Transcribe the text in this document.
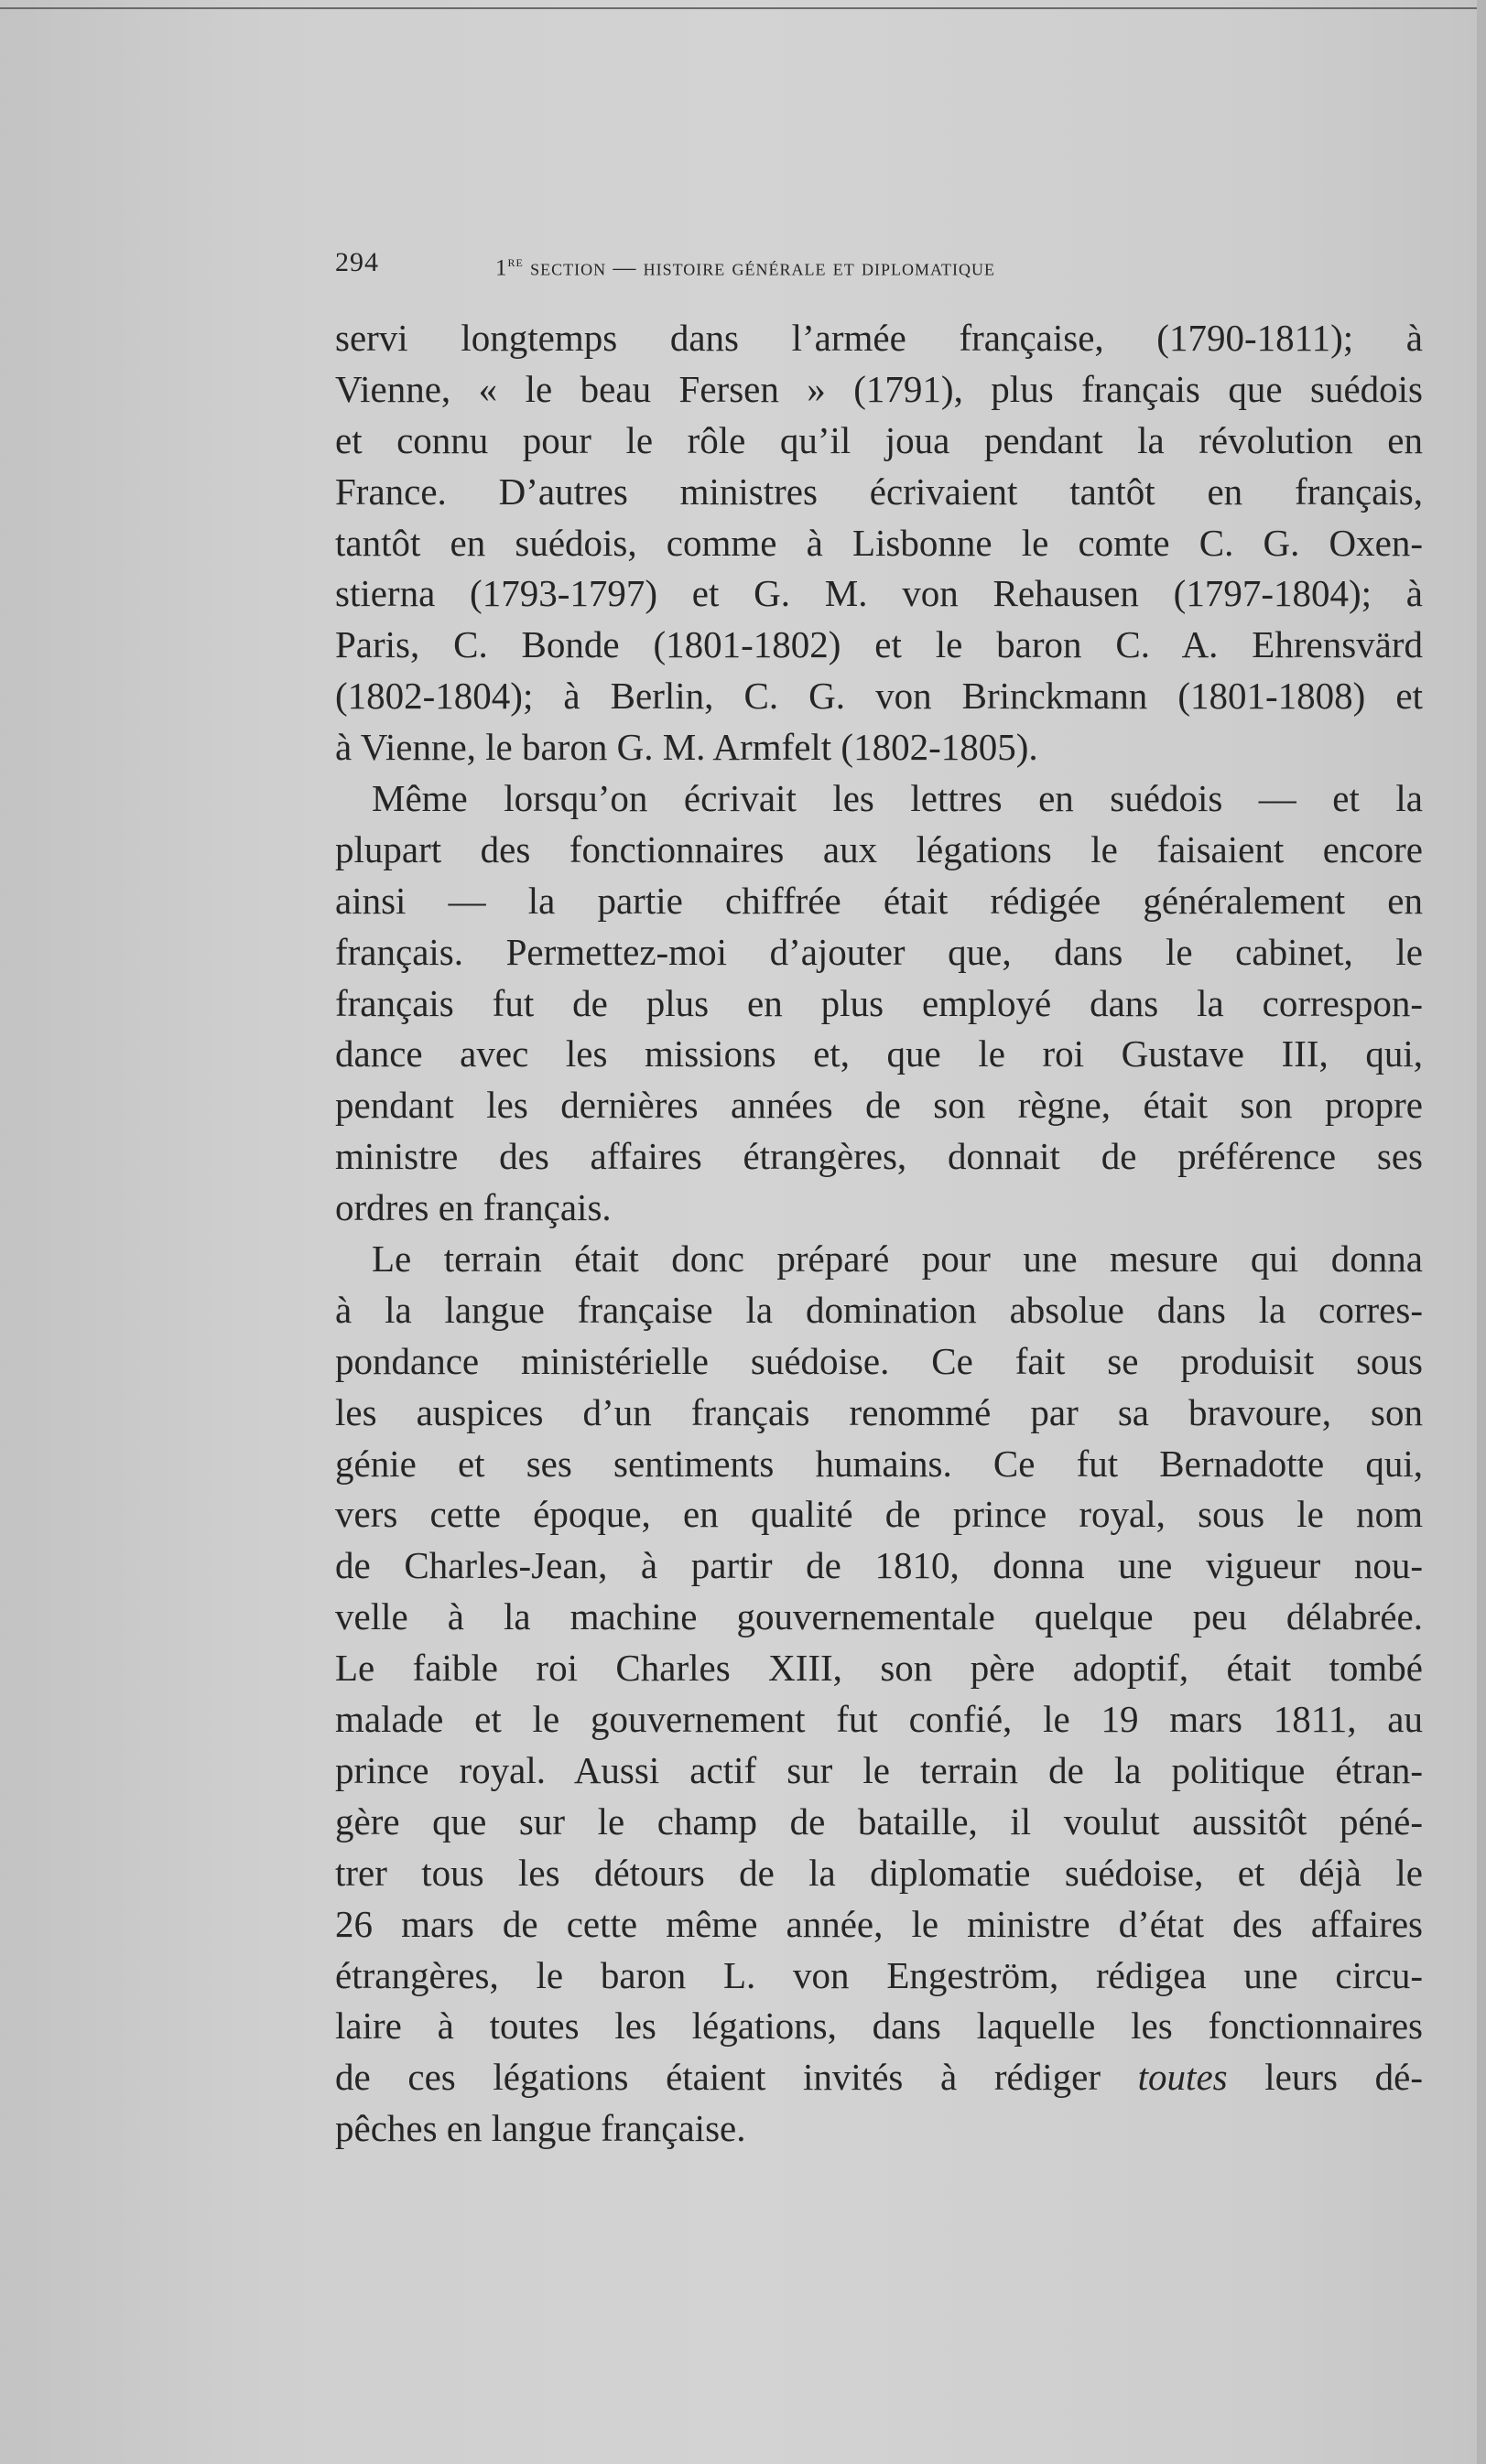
294	1re section — histoire générale et diplomatique
servi longtemps dans l’armée française, (1790-1811); à
Vienne, « le beau Fersen » (1791), plus français que suédois
et connu pour le rôle qu’il joua pendant la révolution en
France. D’autres ministres écrivaient tantôt en français,
tantôt en suédois, comme à Lisbonne le comte C. G. Oxen-
stierna (1793-1797) et G. M. von Rehausen (1797-1804); à
Paris, C. Bonde (1801-1802) et le baron C. A. Ehrensvärd
(1802-1804); à Berlin, C. G. von Brinckmann (1801-1808) et
à Vienne, le baron G. M. Armfelt (1802-1805).
Même lorsqu’on écrivait les lettres en suédois — et la
plupart des fonctionnaires aux légations le faisaient encore
ainsi — la partie chiffrée était rédigée généralement en
français. Permettez-moi d’ajouter que, dans le cabinet, le
français fut de plus en plus employé dans la correspon-
dance avec les missions et, que le roi Gustave III, qui,
pendant les dernières années de son règne, était son propre
ministre des affaires étrangères, donnait de préférence ses
ordres en français.
Le terrain était donc préparé pour une mesure qui donna
à la langue française la domination absolue dans la corres-
pondance ministérielle suédoise. Ce fait se produisit sous
les auspices d’un français renommé par sa bravoure, son
génie et ses sentiments humains. Ce fut Bernadotte qui,
vers cette époque, en qualité de prince royal, sous le nom
de Charles-Jean, à partir de 1810, donna une vigueur nou-
velle à la machine gouvernementale quelque peu délabrée.
Le faible roi Charles XIII, son père adoptif, était tombé
malade et le gouvernement fut confié, le 19 mars 1811, au
prince royal. Aussi actif sur le terrain de la politique étran-
gère que sur le champ de bataille, il voulut aussitôt péné-
trer tous les détours de la diplomatie suédoise, et déjà le
26 mars de cette même année, le ministre d’état des affaires
étrangères, le baron L. von Engeström, rédigea une circu-
laire à toutes les légations, dans laquelle les fonctionnaires
de ces légations étaient invités à rédiger toutes leurs dé-
pêches en langue française.
